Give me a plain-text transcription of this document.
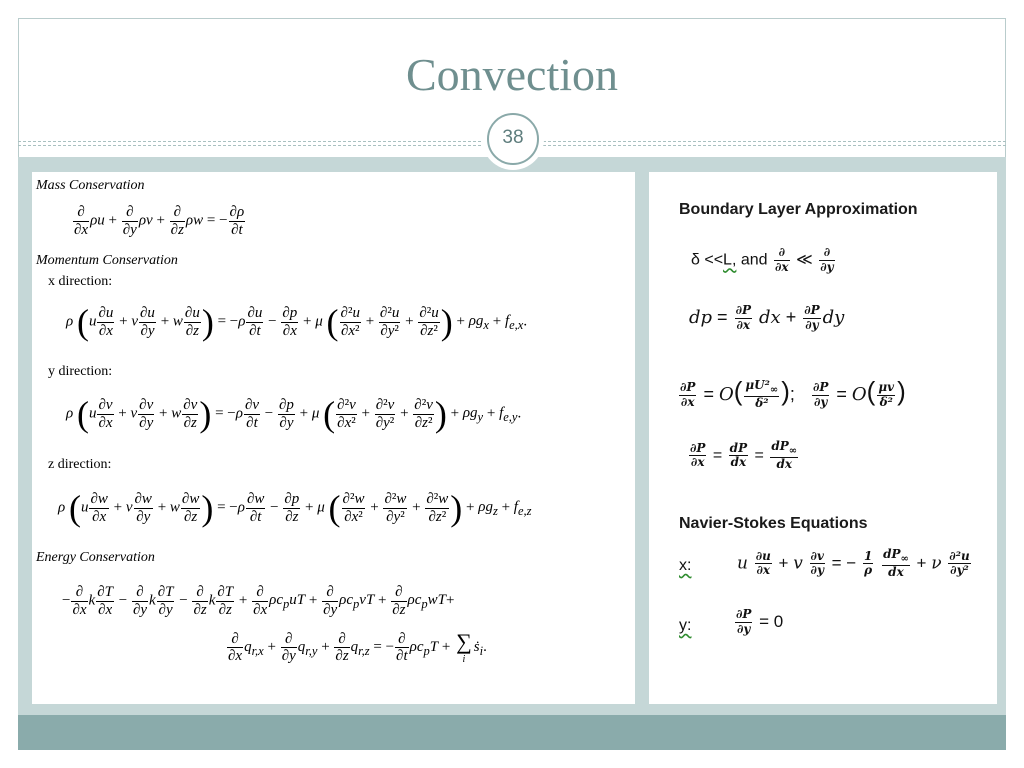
Convection
38
Mass Conservation
$\frac{\partial}{\partial x}$ $\rho u + \frac{\partial}{\partial y}$ $\rho v + \frac{\partial}{\partial z}$ ρw = − $\frac{\partial\rho}{\partial t}$
Momentum Conservation
x direction:
ρ ($u \frac{\partial u}{\partial x} + v \frac{\partial u}{\partial y} + w \frac{\partial u}{\partial z}$ ) = $-\rho \frac{\partial u}{\partial t} - \frac{\partial p}{\partial x} + \mu$ ( $\frac{\text{∂²u}}{\text{∂x²}} + \frac{\text{∂²u}}{\text{∂y²}} + \frac{\text{∂²u}}{\text{∂z²}}$ ) + $\rho g_x + f_{e,x}$.
y direction:
ρ ($u \frac{\partial v}{\partial x} + v \frac{\partial v}{\partial y} + w \frac{\partial v}{\partial z}$ ) = $-\rho \frac{\partial v}{\partial t} - \frac{\partial p}{\partial y} + \mu$ ( $\frac{\text{∂²v}}{\text{∂x²}} + \frac{\text{∂²v}}{\text{∂y²}} + \frac{\text{∂²v}}{\text{∂z²}}$ ) + $\rho g_y + f_{e,y}$.
z direction:
ρ ($u \frac{\partial w}{\partial x} + v \frac{\partial w}{\partial y} + w \frac{\partial w}{\partial z}$ ) = $-\rho \frac{\partial w}{\partial t} - \frac{\partial p}{\partial z} + \mu$ ( $\frac{\text{∂²w}}{\text{∂x²}} + \frac{\text{∂²w}}{\text{∂y²}} + \frac{\text{∂²w}}{\text{∂z²}}$ ) + $\rho g_z + f_{e,z}$
Energy Conservation
− $\frac{\partial}{\partial x}$ k $\frac{\partial T}{\partial x} - \frac{\partial}{\partial y}$ k $\frac{\partial T}{\partial y} - \frac{\partial}{\partial z}$ k $\frac{\partial T}{\partial z} + \frac{\partial}{\partial x} \rho c_puT + \frac{\partial}{\partial y} \rho c_pvT + \frac{\partial}{\partial z} \rho c_pwT+$
$\frac{\partial}{\partial x} q_{r,x} + \frac{\partial}{\partial y} q_{r,y} + \frac{\partial}{\partial z} q_{r,z}$ = − $\frac{\partial}{\partial t} \rho c_pT$ + ∑
i
ṡ$_i$.
Boundary Layer Approximation
δ <<L, and $\frac{\partial}{\partial x}$ ≪ $\frac{\partial}{\partial y}$
dp = $\frac{\partial P}{\partial x}$ dx + $\frac{\partial P}{\partial y}$ dy
$\frac{\partial P}{\partial x} = O( \frac{\mu U^2_\infty}{\text{δ²}}$ ); $\frac{\partial P}{\partial y} = O( \frac{\mu v}{\text{δ²}}$ )
$\frac{\partial P}{\partial x} = \frac{dP}{dx} = \frac{dP_\infty}{dx}$
Navier-Stokes Equations
x:	u $\frac{\partial u}{\partial x} + v \frac{\partial v}{\partial y}$ = − $\frac{1}{\rho}$
$\frac{dP_\infty}{dx} + \nu \frac{\text{∂²u}}{\text{∂y²}}$
y:	$\frac{\partial P}{\partial y} = 0$
